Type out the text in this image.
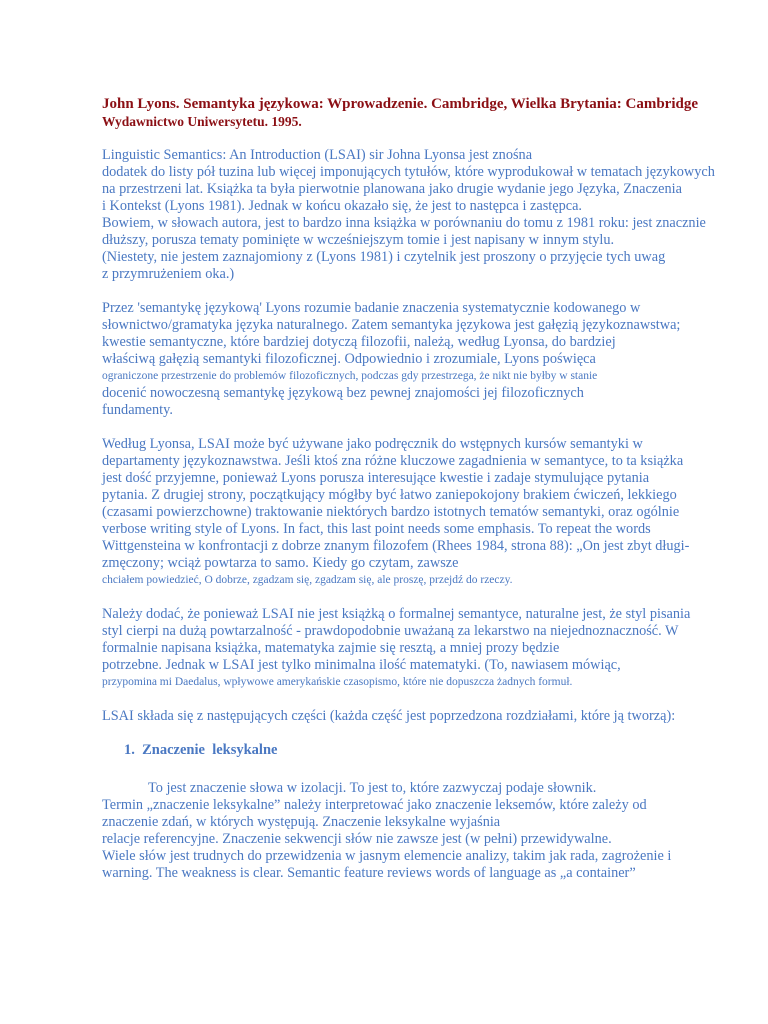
John Lyons. Semantyka językowa: Wprowadzenie. Cambridge, Wielka Brytania: Cambridge
Wydawnictwo Uniwersytetu. 1995.
Linguistic Semantics: An Introduction (LSAI) sir Johna Lyonsa jest znośna
dodatek do listy pół tuzina lub więcej imponujących tytułów, które wyprodukował w tematach językowych
na przestrzeni lat. Książka ta była pierwotnie planowana jako drugie wydanie jego Języka, Znaczenia
i Kontekst (Lyons 1981). Jednak w końcu okazało się, że jest to następca i zastępca.
Bowiem, w słowach autora, jest to bardzo inna książka w porównaniu do tomu z 1981 roku: jest znacznie
dłuższy, porusza tematy pominięte w wcześniejszym tomie i jest napisany w innym stylu.
(Niestety, nie jestem zaznajomiony z (Lyons 1981) i czytelnik jest proszony o przyjęcie tych uwag
z przymrużeniem oka.)
Przez 'semantykę językową' Lyons rozumie badanie znaczenia systematycznie kodowanego w
słownictwo/gramatyka języka naturalnego. Zatem semantyka językowa jest gałęzią językoznawstwa;
kwestie semantyczne, które bardziej dotyczą filozofii, należą, według Lyonsa, do bardziej
właściwą gałęzią semantyki filozoficznej. Odpowiednio i zrozumiale, Lyons poświęca
ograniczone przestrzenie do problemów filozoficznych, podczas gdy przestrzega, że nikt nie byłby w stanie
docenić nowoczesną semantykę językową bez pewnej znajomości jej filozoficznych
fundamenty.
Według Lyonsa, LSAI może być używane jako podręcznik do wstępnych kursów semantyki w
departamenty językoznawstwa. Jeśli ktoś zna różne kluczowe zagadnienia w semantyce, to ta książka
jest dość przyjemne, ponieważ Lyons porusza interesujące kwestie i zadaje stymulujące pytania
pytania. Z drugiej strony, początkujący mógłby być łatwo zaniepokojony brakiem ćwiczeń, lekkiego
(czasami powierzchowne) traktowanie niektórych bardzo istotnych tematów semantyki, oraz ogólnie
verbose writing style of Lyons. In fact, this last point needs some emphasis. To repeat the words
Wittgensteina w konfrontacji z dobrze znanym filozofem (Rhees 1984, strona 88): „On jest zbyt długi-
zmęczony; wciąż powtarza to samo. Kiedy go czytam, zawsze
chciałem powiedzieć, O dobrze, zgadzam się, zgadzam się, ale proszę, przejdź do rzeczy.
Należy dodać, że ponieważ LSAI nie jest książką o formalnej semantyce, naturalne jest, że styl pisania
styl cierpi na dużą powtarzalność - prawdopodobnie uważaną za lekarstwo na niejednoznaczność. W
formalnie napisana książka, matematyka zajmie się resztą, a mniej prozy będzie
potrzebne. Jednak w LSAI jest tylko minimalna ilość matematyki. (To, nawiasem mówiąc,
przypomina mi Daedalus, wpływowe amerykańskie czasopismo, które nie dopuszcza żadnych formuł.
LSAI składa się z następujących części (każda część jest poprzedzona rozdziałami, które ją tworzą):
1. Znaczenie  leksykalne
To jest znaczenie słowa w izolacji. To jest to, które zazwyczaj podaje słownik.
Termin „znaczenie leksykalne” należy interpretować jako znaczenie leksemów, które zależy od
znaczenie zdań, w których występują. Znaczenie leksykalne wyjaśnia
relacje referencyjne. Znaczenie sekwencji słów nie zawsze jest (w pełni) przewidywalne.
Wiele słów jest trudnych do przewidzenia w jasnym elemencie analizy, takim jak rada, zagrożenie i
warning. The weakness is clear. Semantic feature reviews words of language as „a container”
